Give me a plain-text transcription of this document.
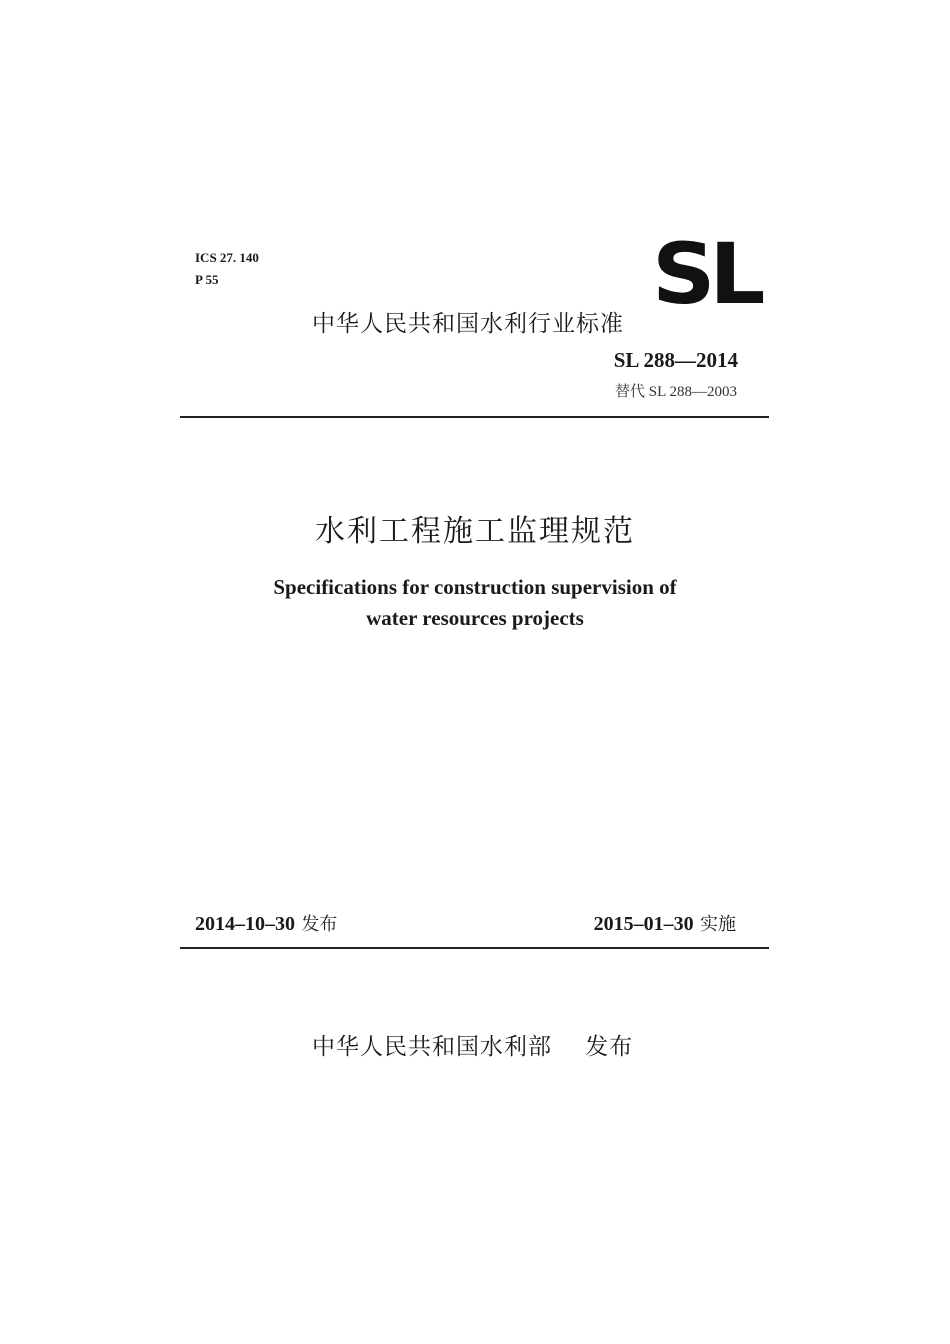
ICS 27. 140
P 55	SL
中华人民共和国水利行业标准
SL 288—2014
替代 SL 288—2003
水利工程施工监理规范
Specifications for construction supervision of
water resources projects
2014–10–30 发布	2015–01–30 实施
中华人民共和国水利部 发布
